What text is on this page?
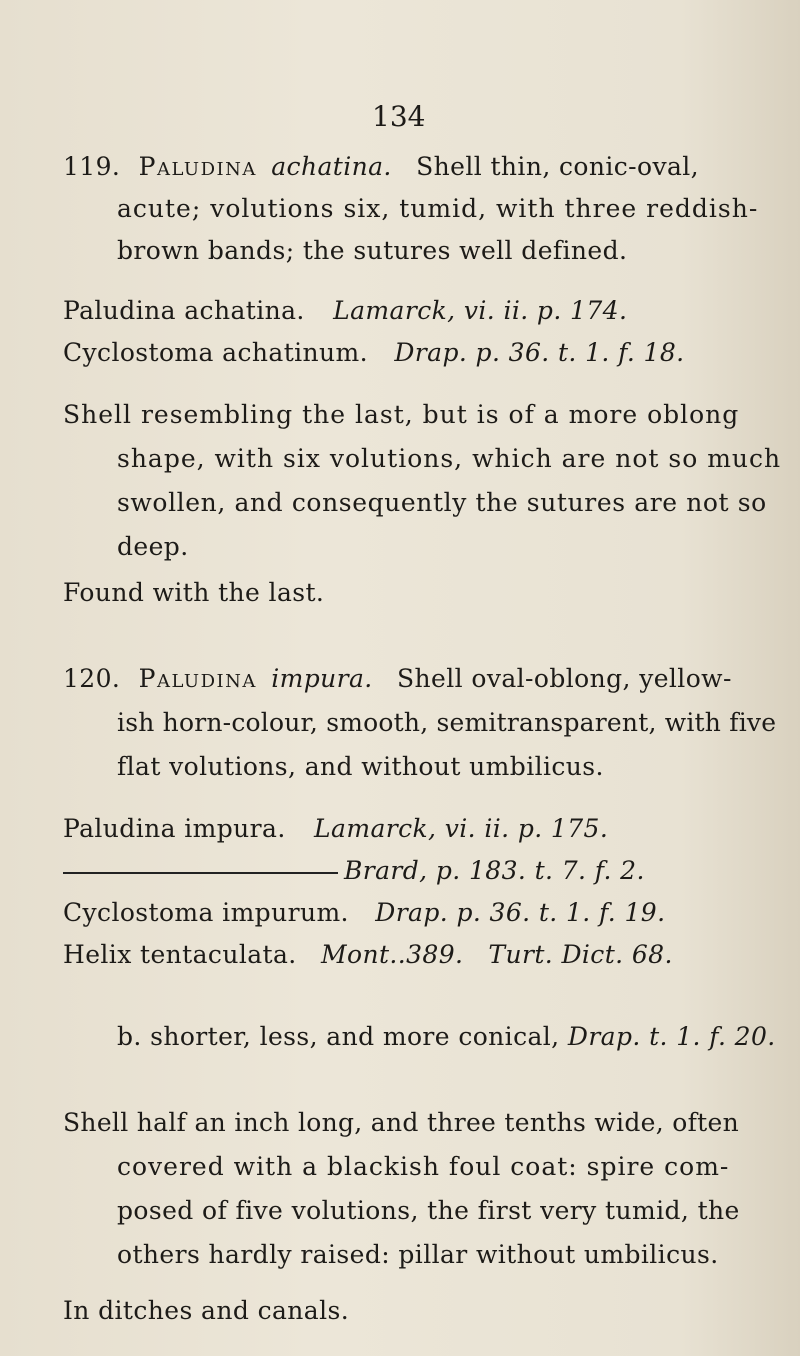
134
119. Paludina achatina. Shell thin, conic-oval,
acute; volutions six, tumid, with three reddish-
brown bands; the sutures well defined.
Paludina achatina. Lamarck, vi. ii. p. 174.
Cyclostoma achatinum. Drap. p. 36. t. 1. f. 18.
Shell resembling the last, but is of a more oblong
shape, with six volutions, which are not so much
swollen, and consequently the sutures are not so
deep.
Found with the last.
120. Paludina impura. Shell oval-oblong, yellow-
ish horn-colour, smooth, semitransparent, with five
flat volutions, and without umbilicus.
Paludina impura. Lamarck, vi. ii. p. 175.
Brard, p. 183. t. 7. f. 2.
Cyclostoma impurum. Drap. p. 36. t. 1. f. 19.
Helix tentaculata. Mont..389.   Turt. Dict. 68.
b. shorter, less, and more conical, Drap. t. 1. f. 20.
Shell half an inch long, and three tenths wide, often
covered with a blackish foul coat: spire com-
posed of five volutions, the first very tumid, the
others hardly raised: pillar without umbilicus.
In ditches and canals.
